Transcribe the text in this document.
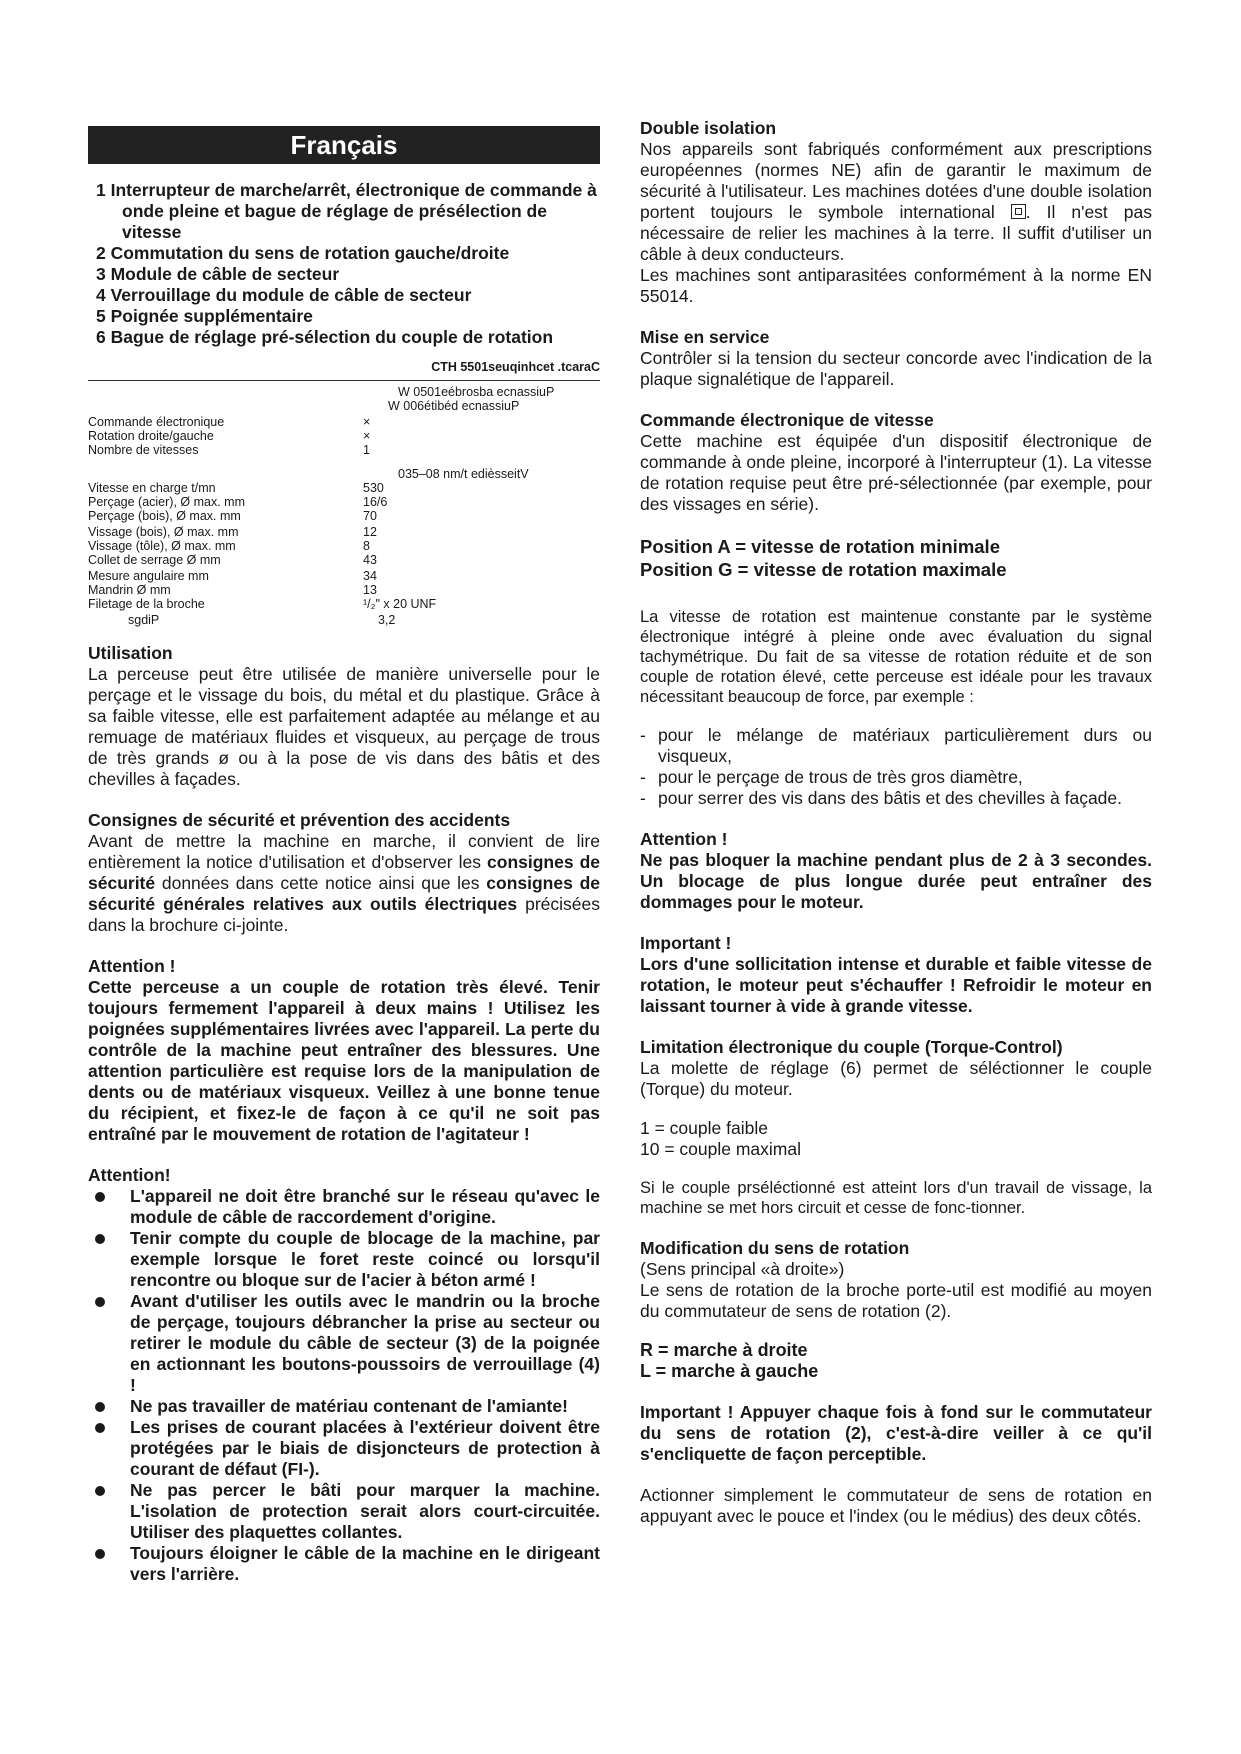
Français
1 Interrupteur de marche/arrêt, électronique de commande à onde pleine et bague de réglage de présélection de vitesse
2 Commutation du sens de rotation gauche/droite
3 Module de câble de secteur
4 Verrouillage du module de câble de secteur
5 Poignée supplémentaire
6 Bague de réglage pré-sélection du couple de rotation
CTH 5501seuqinhcet .tcaraC
W 0501eébrosba ecnassiuP
W 006étibéd ecnassiuP
Commande électronique	×
Rotation droite/gauche	×
Nombre de vitesses	1
035–08 nm/t edièsseitV
Vitesse en charge t/mn	530
Perçage (acier), Ø max. mm	16/6
Perçage (bois), Ø max. mm	70
Vissage (bois), Ø max. mm	12
Vissage (tôle), Ø max. mm	8
Collet de serrage Ø mm	43
Mesure angulaire mm	34
Mandrin Ø mm	13
Filetage de la broche	¹/₂" x 20 UNF
sgdiP	3,2
Utilisation

La perceuse peut être utilisée de manière universelle pour le perçage et le vissage du bois, du métal et du plastique. Grâce à sa faible vitesse, elle est parfaitement adaptée au mélange et au remuage de matériaux fluides et visqueux, au perçage de trous de très grands ø ou à la pose de vis dans des bâtis et des chevilles à façades.

Consignes de sécurité et prévention des accidents

Avant de mettre la machine en marche, il convient de lire entièrement la notice d'utilisation et d'observer les consignes de sécurité données dans cette notice ainsi que les consignes de sécurité générales relatives aux outils électriques précisées dans la brochure ci-jointe.

Attention !

Cette perceuse a un couple de rotation très élevé. Tenir toujours fermement l'appareil à deux mains ! Utilisez les poignées supplémentaires livrées avec l'appareil. La perte du contrôle de la machine peut entraîner des blessures. Une attention particulière est requise lors de la manipulation de dents ou de matériaux visqueux. Veillez à une bonne tenue du récipient, et fixez-le de façon à ce qu'il ne soit pas entraîné par le mouvement de rotation de l'agitateur !

Attention!
L'appareil ne doit être branché sur le réseau qu'avec le module de câble de raccordement d'origine.
Tenir compte du couple de blocage de la machine, par exemple lorsque le foret reste coincé ou lorsqu'il rencontre ou bloque sur de l'acier à béton armé !
Avant d'utiliser les outils avec le mandrin ou la broche de perçage, toujours débrancher la prise au secteur ou retirer le module du câble de secteur (3) de la poignée en actionnant les boutons-poussoirs de verrouillage (4) !
Ne pas travailler de matériau contenant de l'amiante!
Les prises de courant placées à l'extérieur doivent être protégées par le biais de disjoncteurs de protection à courant de défaut (FI-).
Ne pas percer le bâti pour marquer la machine. L'isolation de protection serait alors court-circuitée. Utiliser des plaquettes collantes.
Toujours éloigner le câble de la machine en le dirigeant vers l'arrière.
Double isolation

Nos appareils sont fabriqués conformément aux prescriptions européennes (normes NE) afin de garantir le maximum de sécurité à l'utilisateur. Les machines dotées d'une double isolation portent toujours le symbole international . Il n'est pas nécessaire de relier les machines à la terre. Il suffit d'utiliser un câble à deux conducteurs.

Les machines sont antiparasitées conformément à la norme EN 55014.

Mise en service

Contrôler si la tension du secteur concorde avec l'indication de la plaque signalétique de l'appareil.

Commande électronique de vitesse

Cette machine est équipée d'un dispositif électronique de commande à onde pleine, incorporé à l'interrupteur (1). La vitesse de rotation requise peut être pré-sélectionnée (par exemple, pour des vissages en série).

Position A = vitesse de rotation minimale

Position G = vitesse de rotation maximale

La vitesse de rotation est maintenue constante par le système électronique intégré à pleine onde avec évaluation du signal tachymétrique. Du fait de sa vitesse de rotation réduite et de son couple de rotation élevé, cette perceuse est idéale pour les travaux nécessitant beaucoup de force, par exemple :

- pour le mélange de matériaux particulièrement durs ou visqueux,
- pour le perçage de trous de très gros diamètre,
- pour serrer des vis dans des bâtis et des chevilles à façade.
Attention !

Ne pas bloquer la machine pendant plus de 2 à 3 secondes. Un blocage de plus longue durée peut entraîner des dommages pour le moteur.

Important !

Lors d'une sollicitation intense et durable et faible vitesse de rotation, le moteur peut s'échauffer ! Refroidir le moteur en laissant tourner à vide à grande vitesse.

Limitation électronique du couple (Torque-Control)

La molette de réglage (6) permet de séléctionner le couple (Torque) du moteur.

1 = couple faible

10 = couple maximal

Si le couple prséléctionné est atteint lors d'un travail de vissage, la machine se met hors circuit et cesse de fonc-tionner.

Modification du sens de rotation

(Sens principal «à droite»)

Le sens de rotation de la broche porte-util est modifié au moyen du commutateur de sens de rotation (2).

R = marche à droite

L = marche à gauche

Important ! Appuyer chaque fois à fond sur le commutateur du sens de rotation (2), c'est-à-dire veiller à ce qu'il s'encliquette de façon perceptible.

Actionner simplement le commutateur de sens de rotation en appuyant avec le pouce et l'index (ou le médius) des deux côtés.
